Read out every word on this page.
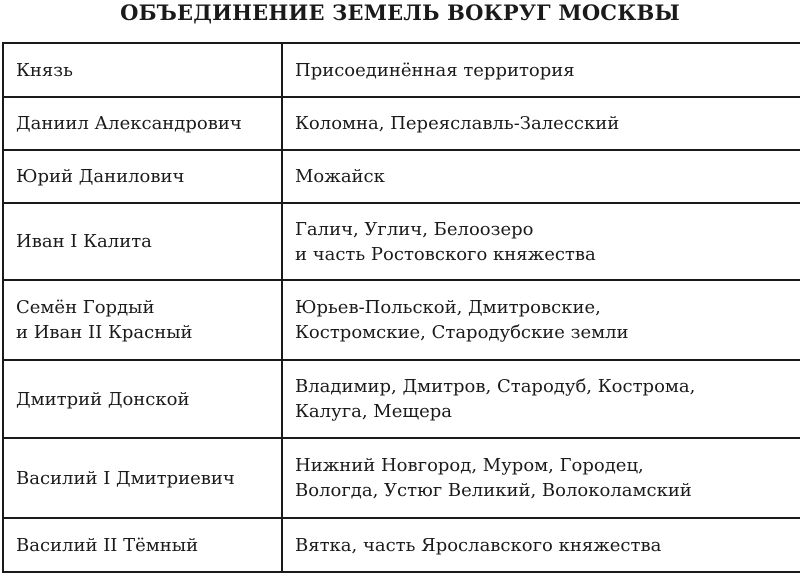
ОБЪЕДИНЕНИЕ ЗЕМЕЛЬ ВОКРУГ МОСКВЫ
Князь	Присоединённая территория

Даниил Александрович	Коломна, Переяславль-Залесский

Юрий Данилович	Можайск

Иван I Калита	Галич, Углич, Белоозеро
и часть Ростовского княжества

Семён Гордый
и Иван II Красный	Юрьев-Польской, Дмитровские,
Костромские, Стародубские земли

Дмитрий Донской	Владимир, Дмитров, Стародуб, Кострома,
Калуга, Мещера

Василий I Дмитриевич	Нижний Новгород, Муром, Городец,
Вологда, Устюг Великий, Волоколамский

Василий II Тёмный	Вятка, часть Ярославского княжества
